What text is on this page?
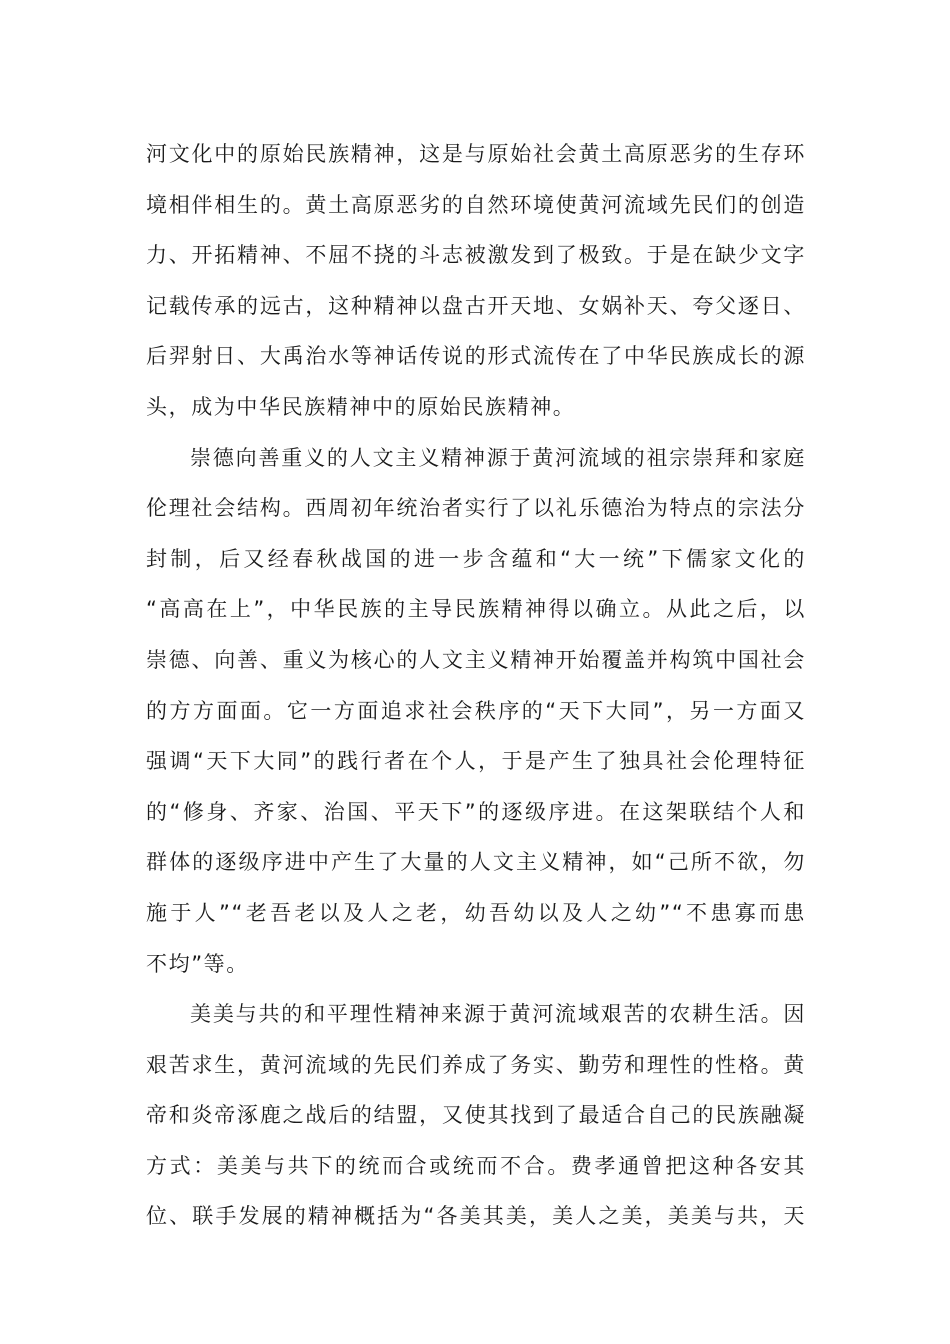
河文化中的原始民族精神，这是与原始社会黄土高原恶劣的生存环
境相伴相生的。黄土高原恶劣的自然环境使黄河流域先民们的创造
力、开拓精神、不屈不挠的斗志被激发到了极致。于是在缺少文字
记载传承的远古，这种精神以盘古开天地、女娲补天、夸父逐日、
后羿射日、大禹治水等神话传说的形式流传在了中华民族成长的源
头，成为中华民族精神中的原始民族精神。
崇德向善重义的人文主义精神源于黄河流域的祖宗崇拜和家庭
伦理社会结构。西周初年统治者实行了以礼乐德治为特点的宗法分
封制，后又经春秋战国的进一步含蕴和“大一统”下儒家文化的
“高高在上”，中华民族的主导民族精神得以确立。从此之后，以
崇德、向善、重义为核心的人文主义精神开始覆盖并构筑中国社会
的方方面面。它一方面追求社会秩序的“天下大同”，另一方面又
强调“天下大同”的践行者在个人，于是产生了独具社会伦理特征
的“修身、齐家、治国、平天下”的逐级序进。在这架联结个人和
群体的逐级序进中产生了大量的人文主义精神，如“己所不欲，勿
施于人”“老吾老以及人之老，幼吾幼以及人之幼”“不患寡而患
不均”等。
美美与共的和平理性精神来源于黄河流域艰苦的农耕生活。因
艰苦求生，黄河流域的先民们养成了务实、勤劳和理性的性格。黄
帝和炎帝涿鹿之战后的结盟，又使其找到了最适合自己的民族融凝
方式：美美与共下的统而合或统而不合。费孝通曾把这种各安其
位、联手发展的精神概括为“各美其美，美人之美，美美与共，天
